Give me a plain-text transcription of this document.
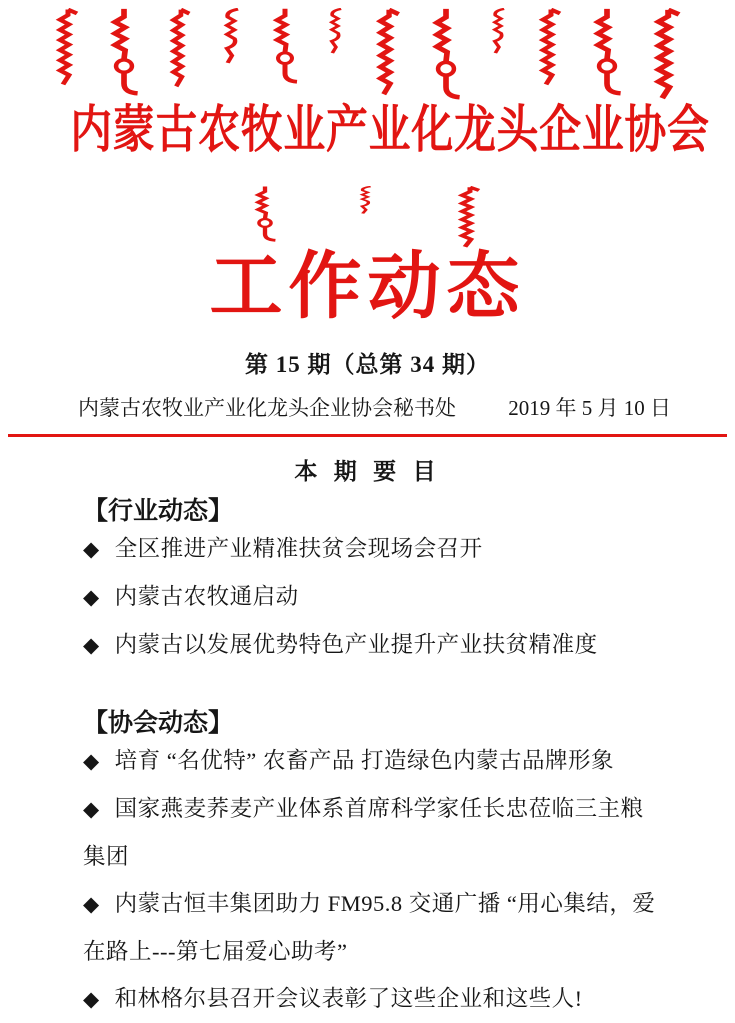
内蒙古农牧业产业化龙头企业协会
工作动态
第 15 期（总第 34 期）
内蒙古农牧业产业化龙头企业协会秘书处 2019 年 5 月 10 日
本 期 要 目
【行业动态】

◆ 全区推进产业精准扶贫会现场会召开

◆ 内蒙古农牧通启动

◆ 内蒙古以发展优势特色产业提升产业扶贫精准度

【协会动态】

◆ 培育 “名优特” 农畜产品 打造绿色内蒙古品牌形象

◆ 国家燕麦荞麦产业体系首席科学家任长忠莅临三主粮集团

◆ 内蒙古恒丰集团助力 FM95.8 交通广播 “用心集结，爱在路上---第七届爱心助考”

◆ 和林格尔县召开会议表彰了这些企业和这些人!
